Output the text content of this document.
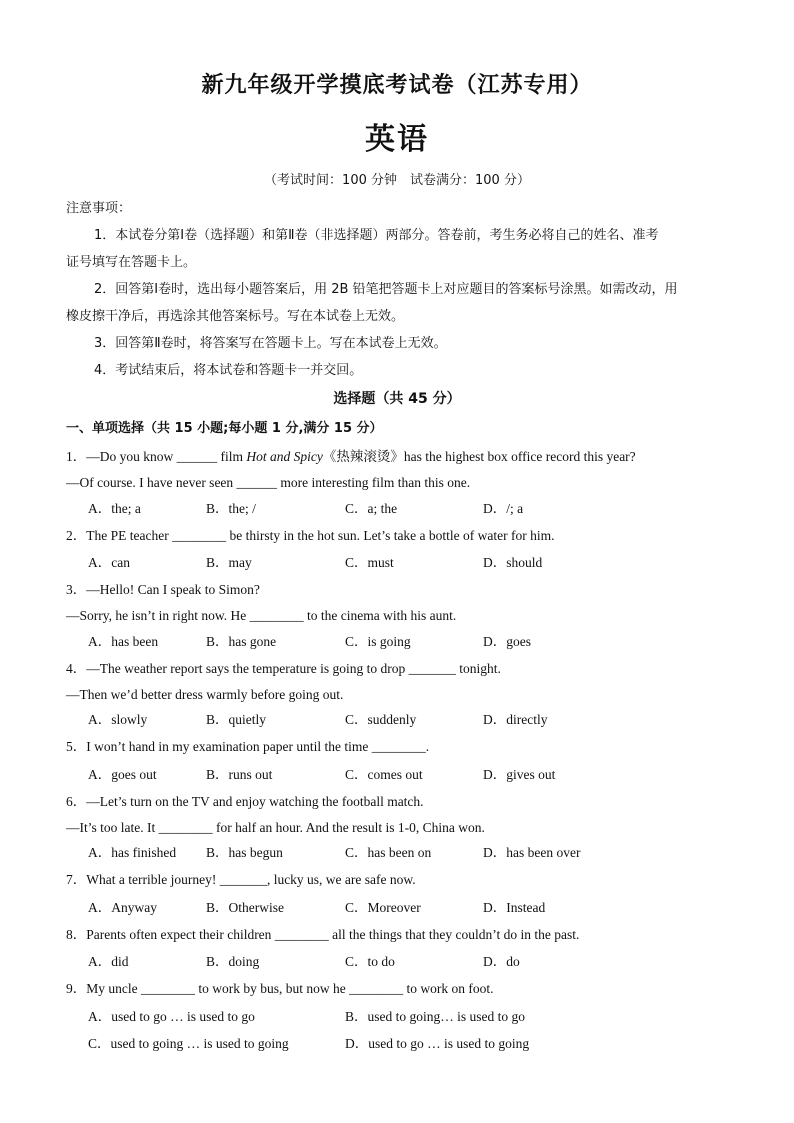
新九年级开学摸底考试卷（江苏专用）
英语
（考试时间：100 分钟　试卷满分：100 分）
注意事项：
1．本试卷分第Ⅰ卷（选择题）和第Ⅱ卷（非选择题）两部分。答卷前，考生务必将自己的姓名、准考
证号填写在答题卡上。
2．回答第Ⅰ卷时，选出每小题答案后，用 2B 铅笔把答题卡上对应题目的答案标号涂黑。如需改动，用
橡皮擦干净后，再选涂其他答案标号。写在本试卷上无效。
3．回答第Ⅱ卷时，将答案写在答题卡上。写在本试卷上无效。
4．考试结束后，将本试卷和答题卡一并交回。
选择题（共 45 分）
一、单项选择（共 15 小题;每小题 1 分,满分 15 分）
1．—Do you know ______ film Hot and Spicy《热辣滚烫》has the highest box office record this year?
—Of course. I have never seen ______ more interesting film than this one.
A．the; a	B．the; /	C．a; the	D．/; a
2．The PE teacher ________ be thirsty in the hot sun. Let’s take a bottle of water for him.
A．can	B．may	C．must	D．should
3．—Hello! Can I speak to Simon?
—Sorry, he isn’t in right now. He ________ to the cinema with his aunt.
A．has been	B．has gone	C．is going	D．goes
4．—The weather report says the temperature is going to drop _______ tonight.
—Then we’d better dress warmly before going out.
A．slowly	B．quietly	C．suddenly	D．directly
5．I won’t hand in my examination paper until the time ________.
A．goes out	B．runs out	C．comes out	D．gives out
6．—Let’s turn on the TV and enjoy watching the football match.
—It’s too late. It ________ for half an hour. And the result is 1-0, China won.
A．has finished B．has begun	C．has been on	D．has been over
7．What a terrible journey! _______, lucky us, we are safe now.
A．Anyway	B．Otherwise	C．Moreover	D．Instead
8．Parents often expect their children ________ all the things that they couldn’t do in the past.
A．did	B．doing	C．to do	D．do
9．My uncle ________ to work by bus, but now he ________ to work on foot.
A．used to go … is used to go	B．used to going… is used to go
C．used to going … is used to going	D．used to go … is used to going
